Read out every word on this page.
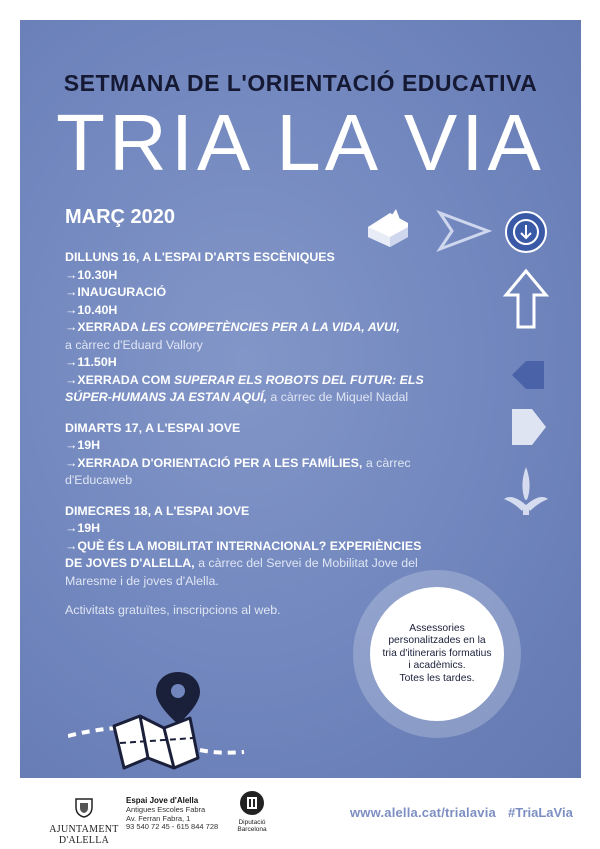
SETMANA DE L'ORIENTACIÓ EDUCATIVA
TRIA LA VIA
MARÇ 2020
DILLUNS 16, A L'ESPAI D'ARTS ESCÈNIQUES
→10.30H
→INAUGURACIÓ
→10.40H
→XERRADA LES COMPETÈNCIES PER A LA VIDA, AVUI,
a càrrec d'Eduard Vallory
→11.50H
→XERRADA COM SUPERAR ELS ROBOTS DEL FUTUR: ELS SÚPER-HUMANS JA ESTAN AQUÍ, a càrrec de Miquel Nadal
DIMARTS 17, A L'ESPAI JOVE
→19H
→XERRADA D'ORIENTACIÓ PER A LES FAMÍLIES, a càrrec d'Educaweb
DIMECRES 18, A L'ESPAI JOVE
→19H
→QUÈ ÉS LA MOBILITAT INTERNACIONAL? EXPERIÈNCIES DE JOVES D'ALELLA, a càrrec del Servei de Mobilitat Jove del Maresme i de joves d'Alella.
Activitats gratuïtes, inscripcions al web.
Assessories personalitzades en la tria d'itineraris formatius i acadèmics.
Totes les tardes.
AJUNTAMENT D'ALELLA
Espai Jove d'Alella
Antigues Escoles Fabra
Av. Ferran Fabra, 1
93 540 72 45 - 615 844 728
Diputació
Barcelona
www.alella.cat/trialavia #TriaLaVia
